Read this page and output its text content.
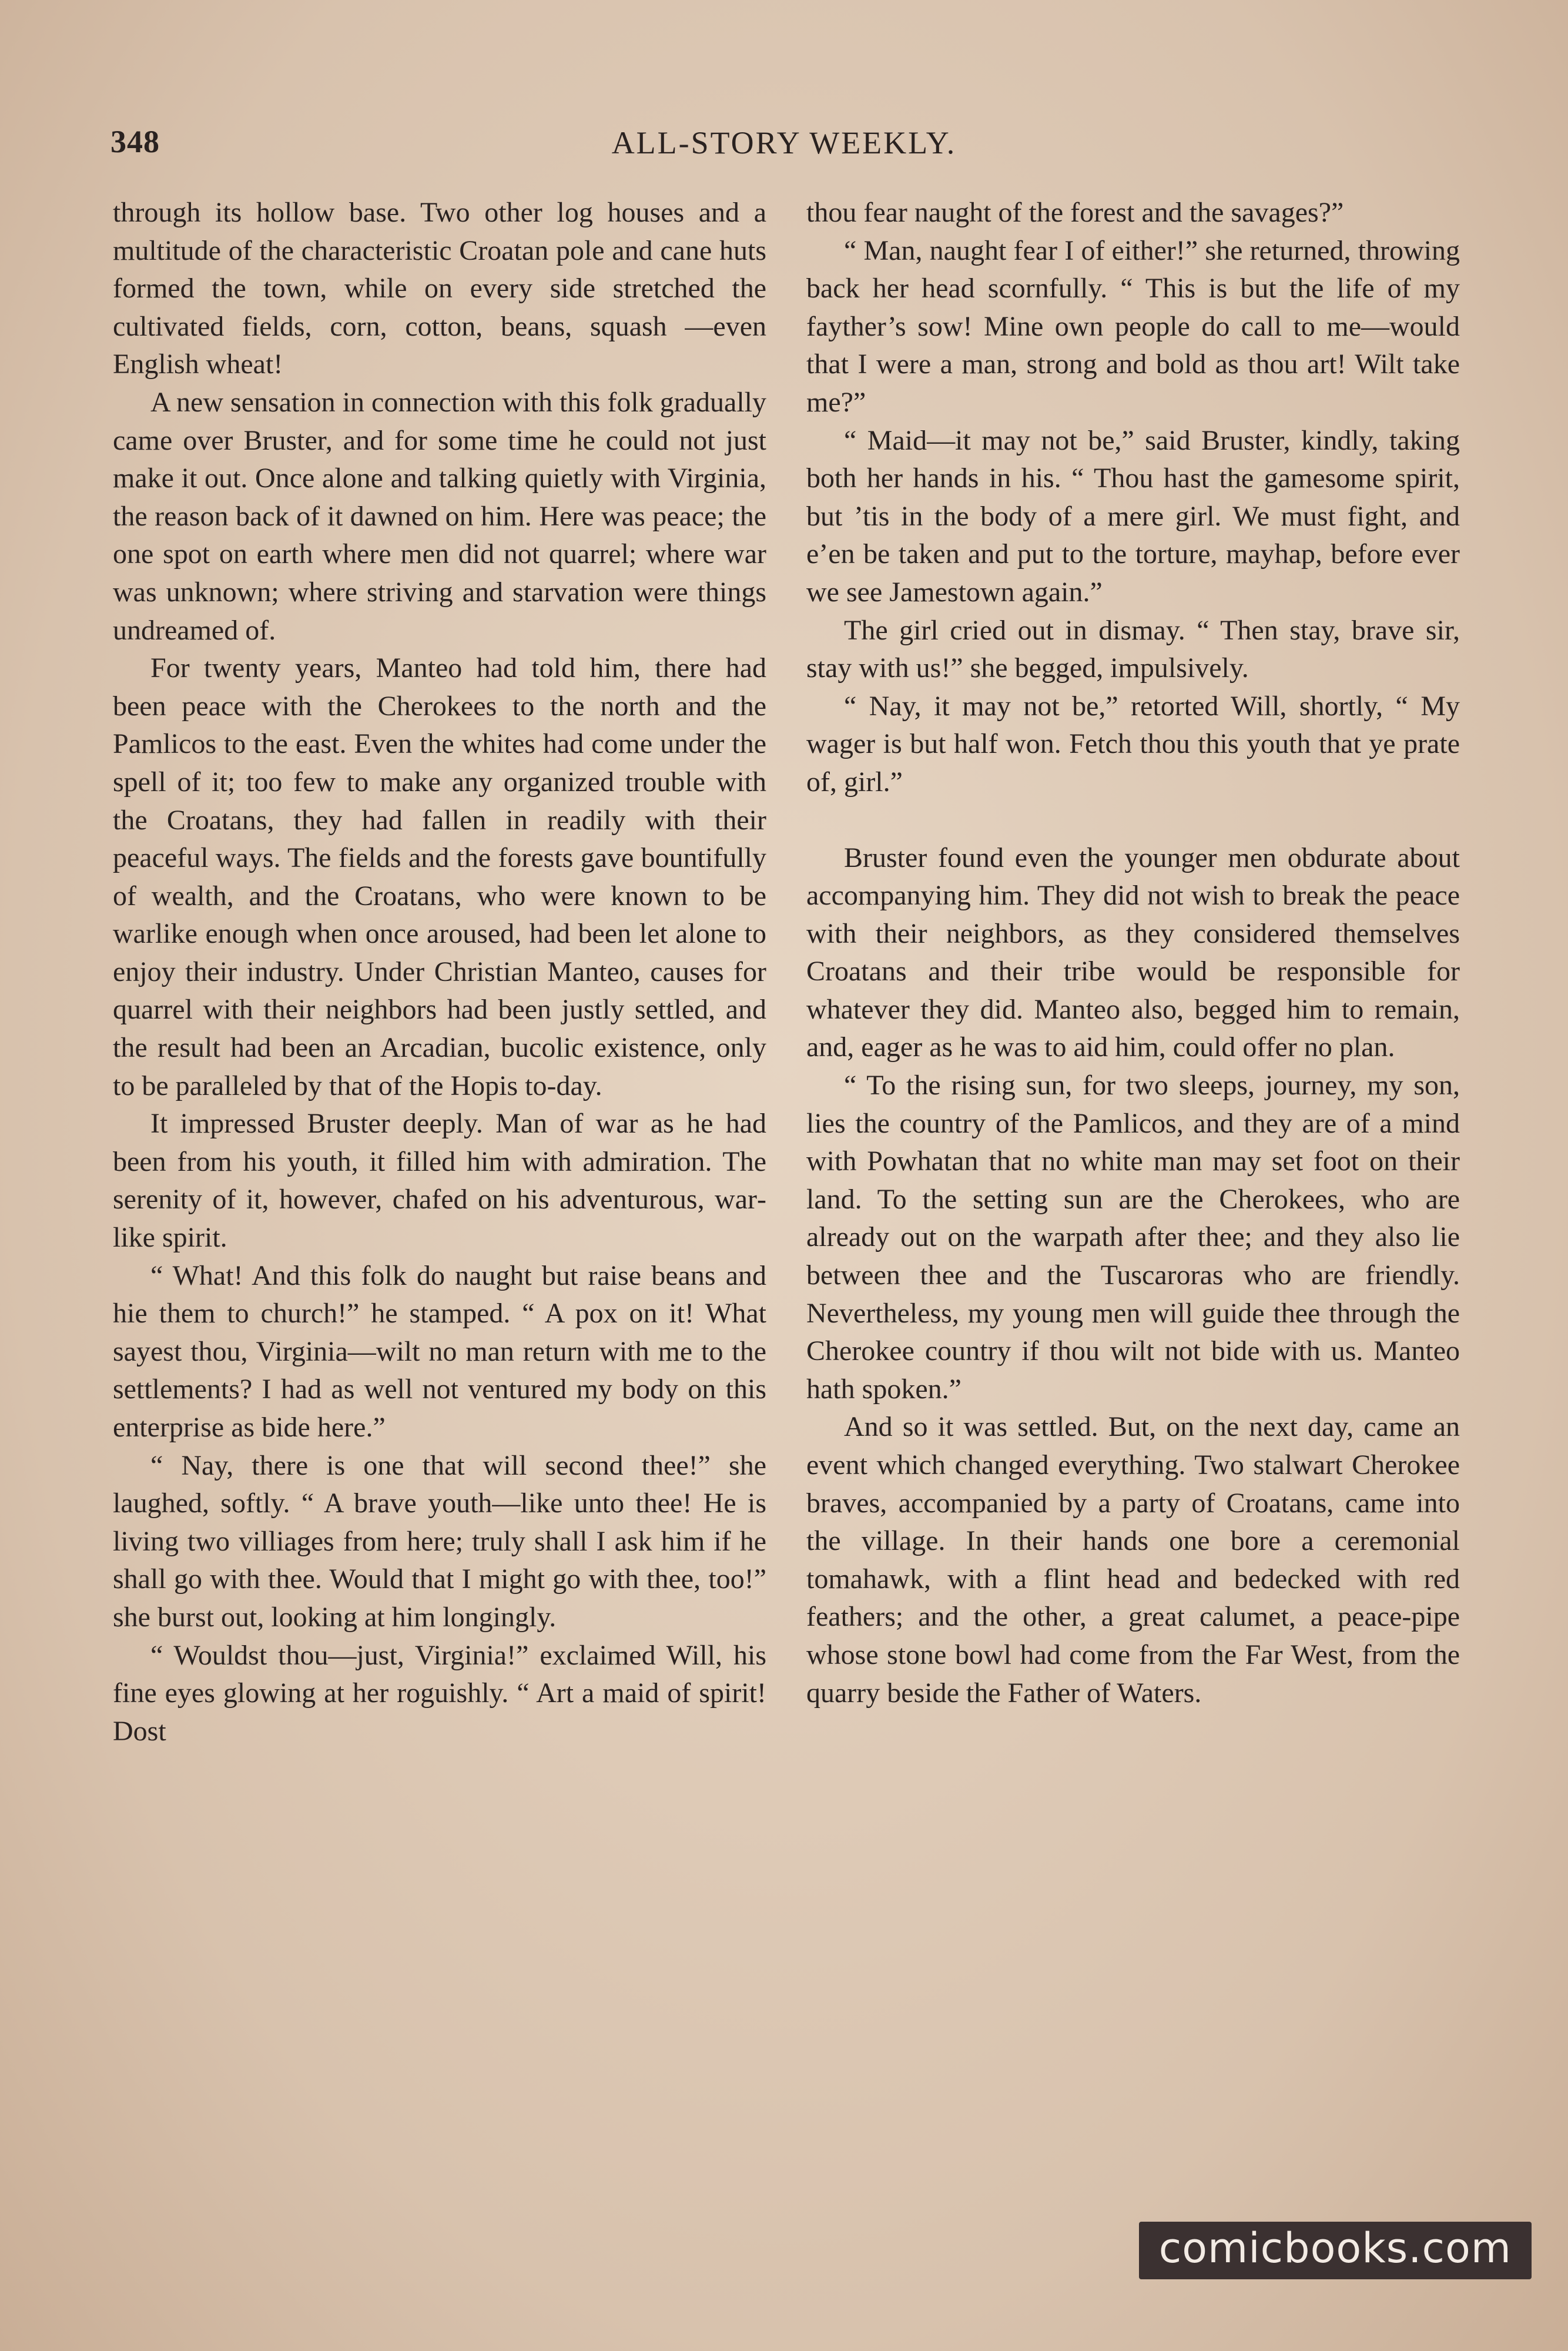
348	ALL-STORY WEEKLY.

through its hollow base. Two other log houses and a multitude of the characteristic Croatan pole and cane huts formed the town, while on every side stretched the cultivated fields, corn, cotton, beans, squash —even English wheat!

A new sensation in connection with this folk gradually came over Bruster, and for some time he could not just make it out. Once alone and talking quietly with Virginia, the reason back of it dawned on him. Here was peace; the one spot on earth where men did not quarrel; where war was unknown; where striving and starvation were things undreamed of.

For twenty years, Manteo had told him, there had been peace with the Cherokees to the north and the Pamlicos to the east. Even the whites had come under the spell of it; too few to make any organized trouble with the Croatans, they had fallen in readily with their peaceful ways. The fields and the forests gave bountifully of wealth, and the Croatans, who were known to be warlike enough when once aroused, had been let alone to enjoy their industry. Under Christian Manteo, causes for quarrel with their neighbors had been justly settled, and the result had been an Arcadian, bucolic existence, only to be paralleled by that of the Hopis to-day.

It impressed Bruster deeply. Man of war as he had been from his youth, it filled him with admiration. The serenity of it, however, chafed on his adventurous, warlike spirit.

“ What! And this folk do naught but raise beans and hie them to church!” he stamped. “ A pox on it! What sayest thou, Virginia—wilt no man return with me to the settlements? I had as well not ventured my body on this enterprise as bide here.”

“ Nay, there is one that will second thee!” she laughed, softly. “ A brave youth—like unto thee! He is living two villiages from here; truly shall I ask him if he shall go with thee. Would that I might go with thee, too!” she burst out, looking at him longingly.

“ Wouldst thou—just, Virginia!” exclaimed Will, his fine eyes glowing at her roguishly. “ Art a maid of spirit! Dost

thou fear naught of the forest and the savages?”

“ Man, naught fear I of either!” she returned, throwing back her head scornfully. “ This is but the life of my fayther’s sow! Mine own people do call to me—would that I were a man, strong and bold as thou art! Wilt take me?”

“ Maid—it may not be,” said Bruster, kindly, taking both her hands in his. “ Thou hast the gamesome spirit, but ’tis in the body of a mere girl. We must fight, and e’en be taken and put to the torture, mayhap, before ever we see Jamestown again.”

The girl cried out in dismay. “ Then stay, brave sir, stay with us!” she begged, impulsively.

“ Nay, it may not be,” retorted Will, shortly, “ My wager is but half won. Fetch thou this youth that ye prate of, girl.”

Bruster found even the younger men obdurate about accompanying him. They did not wish to break the peace with their neighbors, as they considered themselves Croatans and their tribe would be responsible for whatever they did. Manteo also, begged him to remain, and, eager as he was to aid him, could offer no plan.

“ To the rising sun, for two sleeps, journey, my son, lies the country of the Pamlicos, and they are of a mind with Powhatan that no white man may set foot on their land. To the setting sun are the Cherokees, who are already out on the warpath after thee; and they also lie between thee and the Tuscaroras who are friendly. Nevertheless, my young men will guide thee through the Cherokee country if thou wilt not bide with us. Manteo hath spoken.”

And so it was settled. But, on the next day, came an event which changed everything. Two stalwart Cherokee braves, accompanied by a party of Croatans, came into the village. In their hands one bore a ceremonial tomahawk, with a flint head and bedecked with red feathers; and the other, a great calumet, a peace-pipe whose stone bowl had come from the Far West, from the quarry beside the Father of Waters.

comicbooks.com
